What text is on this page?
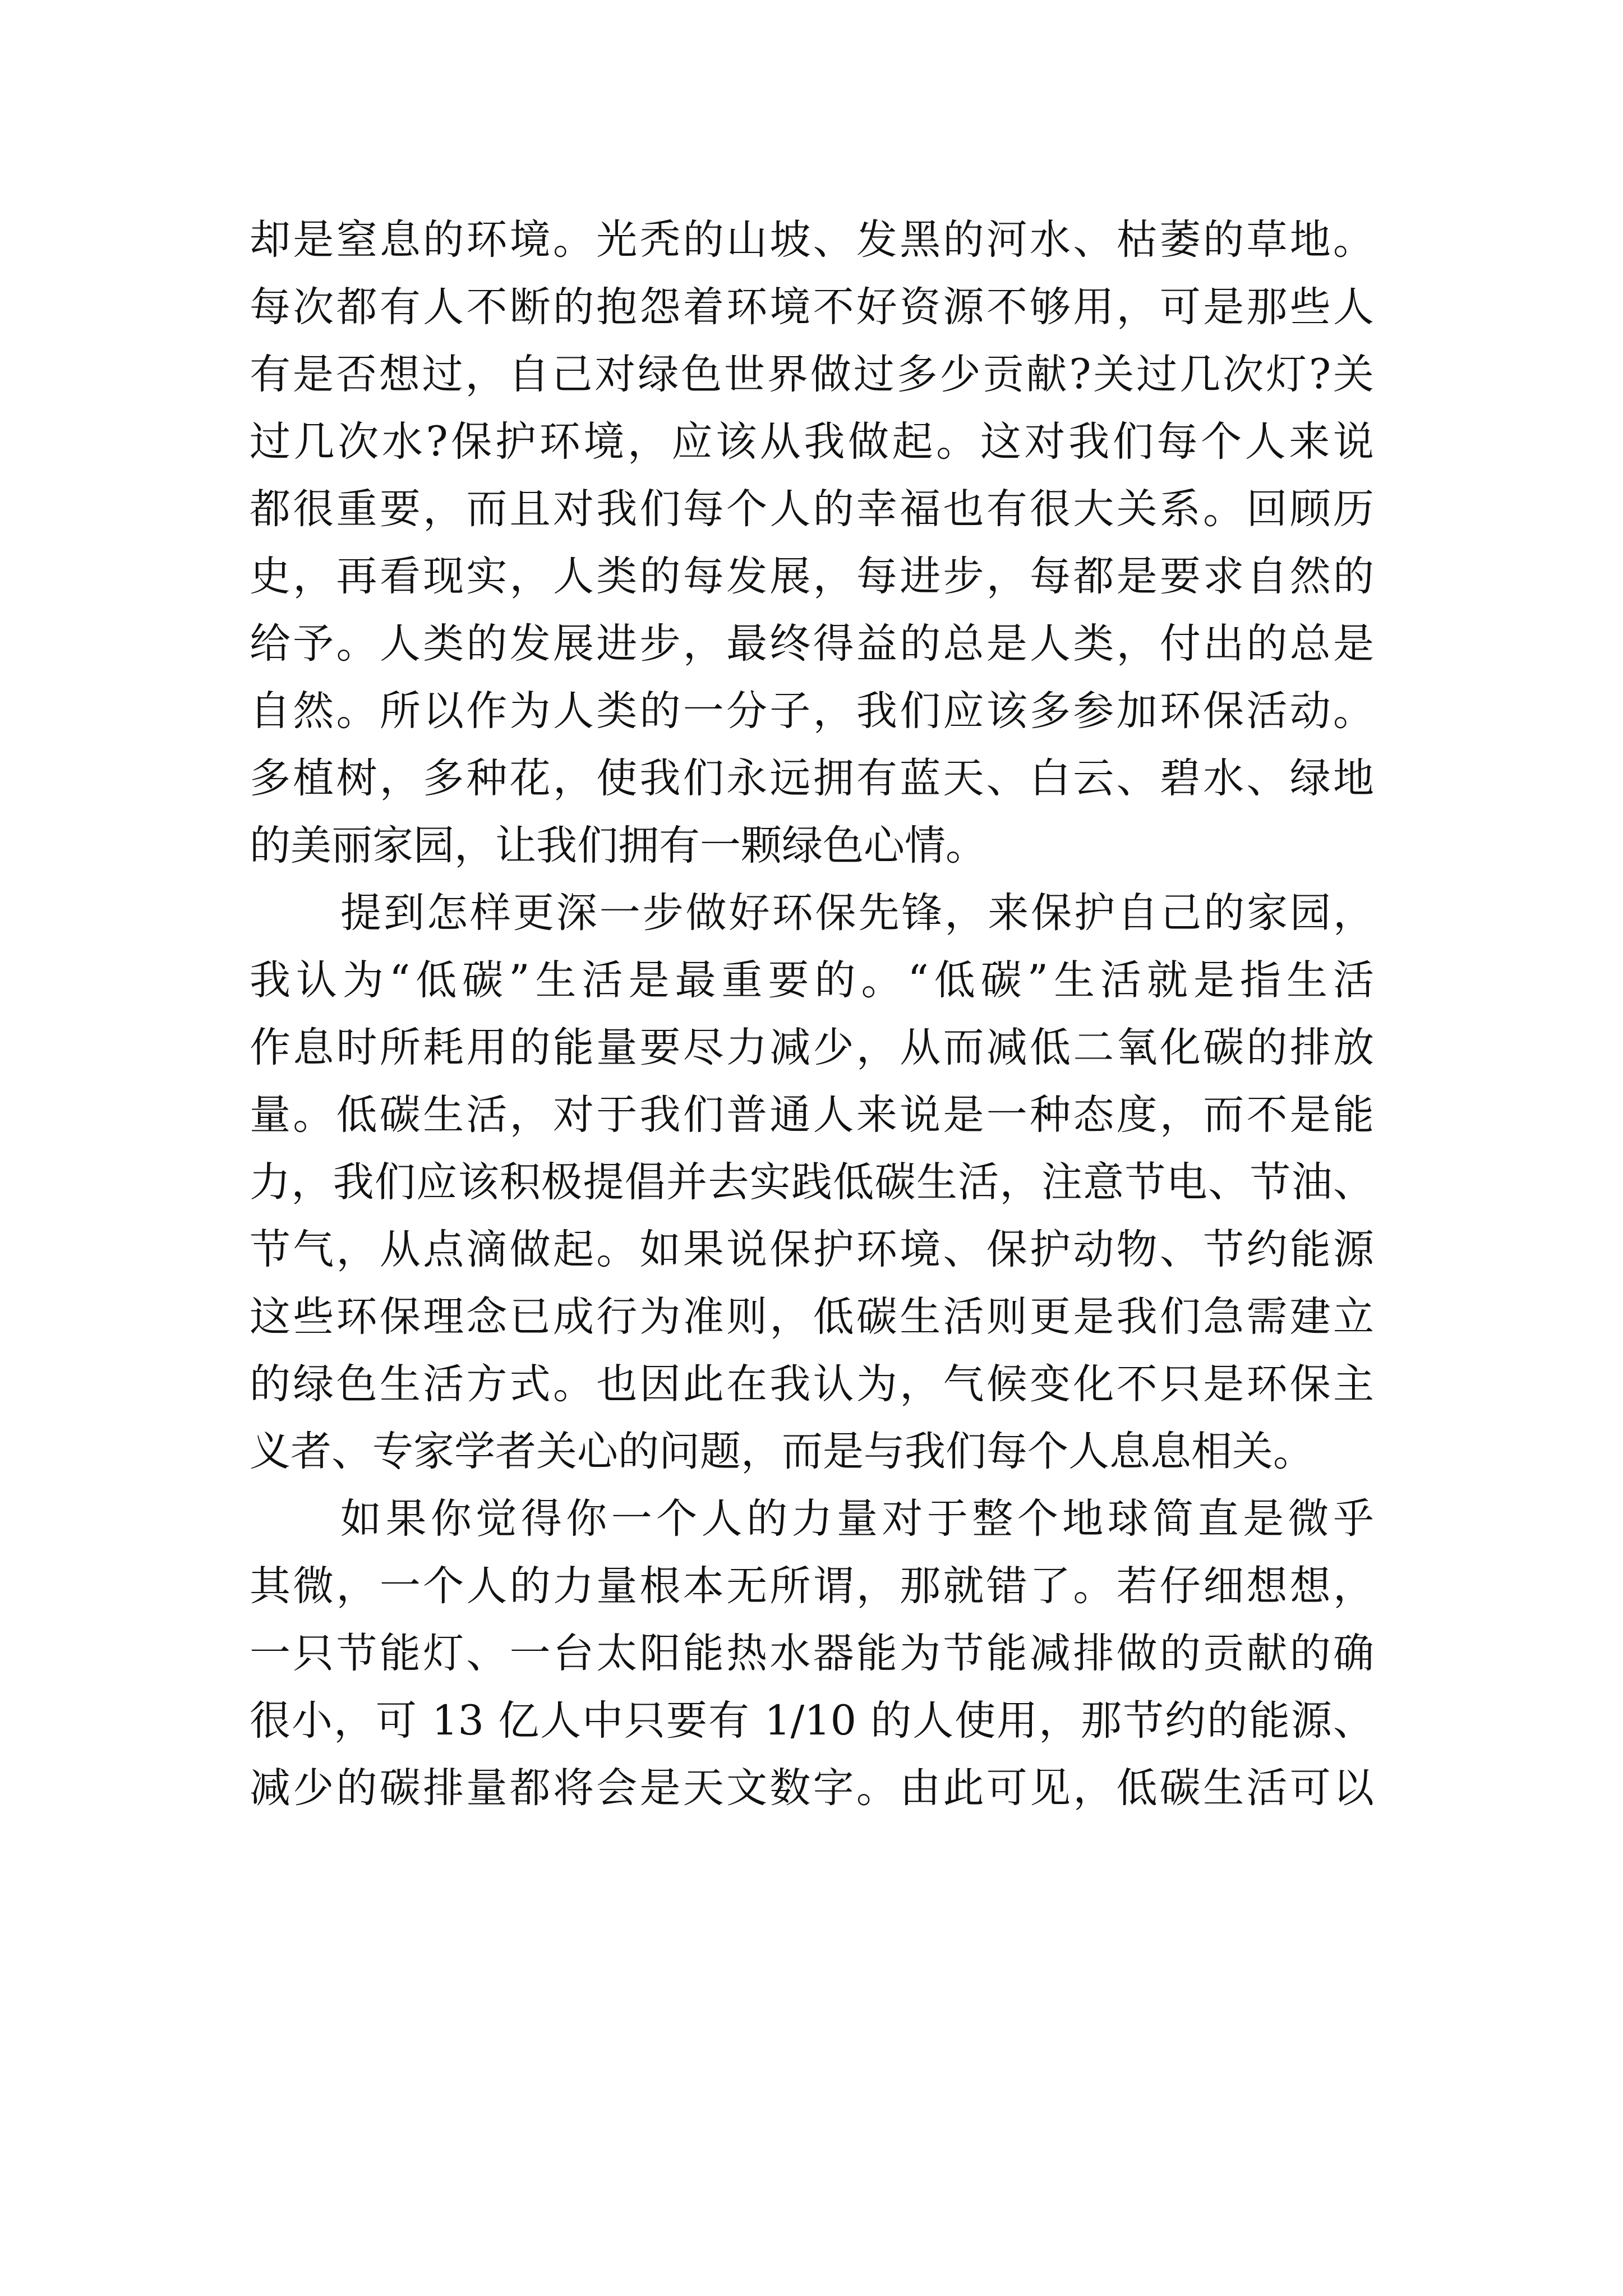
却是窒息的环境。光秃的山坡、发黑的河水、枯萎的草地。
每次都有人不断的抱怨着环境不好资源不够用，可是那些人
有是否想过，自己对绿色世界做过多少贡献?关过几次灯?关
过几次水?保护环境，应该从我做起。这对我们每个人来说
都很重要，而且对我们每个人的幸福也有很大关系。回顾历
史，再看现实，人类的每发展，每进步，每都是要求自然的
给予。人类的发展进步，最终得益的总是人类，付出的总是
自然。所以作为人类的一分子，我们应该多参加环保活动。
多植树，多种花，使我们永远拥有蓝天、白云、碧水、绿地
的美丽家园，让我们拥有一颗绿色心情。
提到怎样更深一步做好环保先锋，来保护自己的家园，
我认为“低碳”生活是最重要的。“低碳”生活就是指生活
作息时所耗用的能量要尽力减少，从而减低二氧化碳的排放
量。低碳生活，对于我们普通人来说是一种态度，而不是能
力，我们应该积极提倡并去实践低碳生活，注意节电、节油、
节气，从点滴做起。如果说保护环境、保护动物、节约能源
这些环保理念已成行为准则，低碳生活则更是我们急需建立
的绿色生活方式。也因此在我认为，气候变化不只是环保主
义者、专家学者关心的问题，而是与我们每个人息息相关。
如果你觉得你一个人的力量对于整个地球简直是微乎
其微，一个人的力量根本无所谓，那就错了。若仔细想想，
一只节能灯、一台太阳能热水器能为节能减排做的贡献的确
很小，可 13 亿人中只要有 1/10 的人使用，那节约的能源、
减少的碳排量都将会是天文数字。由此可见，低碳生活可以
